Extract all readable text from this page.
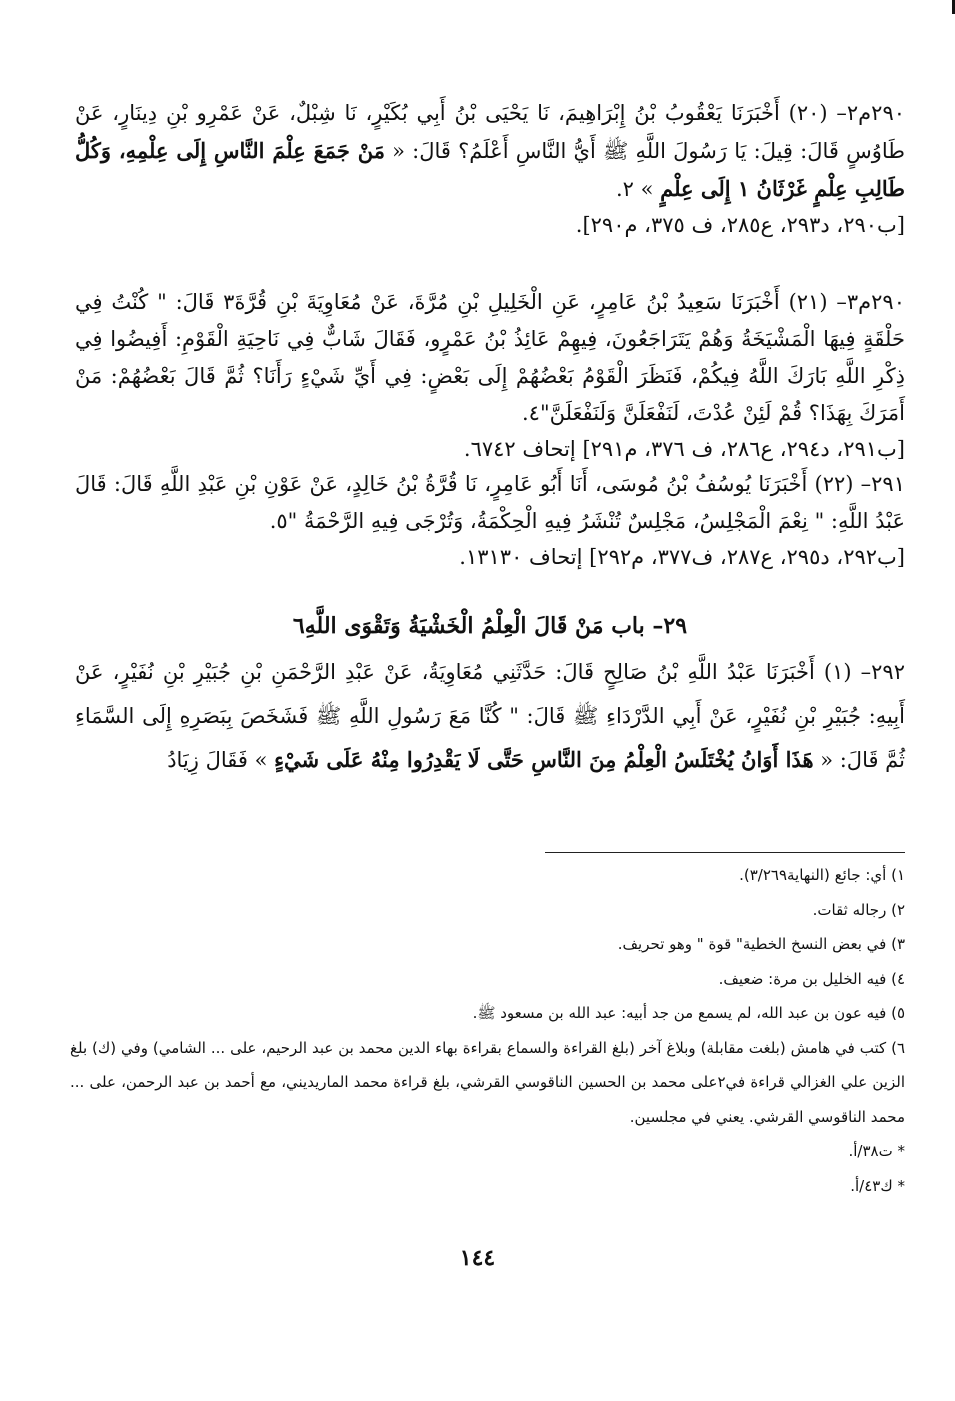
٢٩٠م٢– (٢٠) أَخْبَرَنَا يَعْقُوبُ بْنُ إِبْرَاهِيمَ، نَا يَحْيَى بْنُ أَبِي بُكَيْرٍ، نَا شِبْلٌ، عَنْ عَمْرِو بْنِ دِينَارٍ، عَنْ طَاوُسٍ قَالَ: قِيلَ: يَا رَسُولَ اللَّهِ ﷺ أَيُّ النَّاسِ أَعْلَمُ؟ قَالَ: « مَنْ جَمَعَ عِلْمَ النَّاسِ إِلَى عِلْمِهِ، وَكُلُّ طَالِبِ عِلْمٍ غَرْثَانُ ١ إِلَى عِلْمٍ » ٢.

[ب٢٩٠، د٢٩٣، ع٢٨٥، ف ٣٧٥، م٢٩٠].

٢٩٠م٣– (٢١) أَخْبَرَنَا سَعِيدُ بْنُ عَامِرٍ، عَنِ الْخَلِيلِ بْنِ مُرَّةَ، عَنْ مُعَاوِيَةَ بْنِ قُرَّةَ٣ قَالَ: " كُنْتُ فِي حَلْقَةٍ فِيهَا الْمَشْيَخَةُ وَهُمْ يَتَرَاجَعُونَ، فِيهِمْ عَائِذُ بْنُ عَمْرٍو، فَقَالَ شَابٌّ فِي نَاحِيَةِ الْقَوْمِ: أَفِيضُوا فِي ذِكْرِ اللَّهِ بَارَكَ اللَّهُ فِيكُمْ، فَنَظَرَ الْقَوْمُ بَعْضُهُمْ إِلَى بَعْضٍ: فِي أَيِّ شَيْءٍ رَأَنَا؟ ثُمَّ قَالَ بَعْضُهُمْ: مَنْ أَمَرَكَ بِهَذَا؟ قُمْ لَئِنْ عُدْتَ، لَنَفْعَلَنَّ وَلَنَفْعَلَنَّ"٤.

[ب٢٩١، د٢٩٤، ع٢٨٦، ف ٣٧٦، م٢٩١] إتحاف ٦٧٤٢.

٢٩١– (٢٢) أَخْبَرَنَا يُوسُفُ بْنُ مُوسَى، أَنَا أَبُو عَامِرٍ، نَا قُرَّةُ بْنُ خَالِدٍ، عَنْ عَوْنِ بْنِ عَبْدِ اللَّهِ قَالَ: قَالَ عَبْدُ اللَّهِ: " نِعْمَ الْمَجْلِسُ، مَجْلِسٌ تُنْشَرُ فِيهِ الْحِكْمَةُ، وَتُرْجَى فِيهِ الرَّحْمَةُ "٥.

[ب٢٩٢، د٢٩٥، ع٢٨٧، ف٣٧٧، م٢٩٢] إتحاف ١٣١٣٠.

٢٩– باب مَنْ قَالَ الْعِلْمُ الْخَشْيَةُ وَتَقْوَى اللَّهِ٦

٢٩٢– (١) أَخْبَرَنَا عَبْدُ اللَّهِ بْنُ صَالِحٍ قَالَ: حَدَّثَنِي مُعَاوِيَةُ، عَنْ عَبْدِ الرَّحْمَنِ بْنِ جُبَيْرِ بْنِ نُفَيْرٍ، عَنْ أَبِيهِ: جُبَيْرِ بْنِ نُفَيْرٍ، عَنْ أَبِي الدَّرْدَاءِ ﷺ قَالَ: " كُنَّا مَعَ رَسُولِ اللَّهِ ﷺ فَشَخَصَ بِبَصَرِهِ إِلَى السَّمَاءِ ثُمَّ قَالَ: « هَذَا أَوَانُ يُخْتَلَسُ الْعِلْمُ مِنَ النَّاسِ حَتَّى لَا يَقْدِرُوا مِنْهُ عَلَى شَيْءٍ » فَقَالَ زِيَادُ

١) أي: جائع (النهاية٣/٢٦٩).

٢) رجاله ثقات.

٣) في بعض النسخ الخطية" قوة " وهو تحريف.

٤) فيه الخليل بن مرة: ضعيف.

٥) فيه عون بن عبد الله، لم يسمع من جد أبيه: عبد الله بن مسعود ﷺ.

٦) كتب في هامش (بلغت مقابلة) وبلاغ آخر (بلغ القراءة والسماع بقراءة بهاء الدين محمد بن عبد الرحيم، على ... الشامي) وفي (ك) بلغ الزين علي الغزالي قراءة في٢على محمد بن الحسين الناقوسي القرشي، بلغ قراءة محمد الماريديني، مع أحمد بن عبد الرحمن، على ... محمد الناقوسي القرشي. يعني في مجلسين.

* ت٣٨/أ.

* ك٤٣/أ.

١٤٤
